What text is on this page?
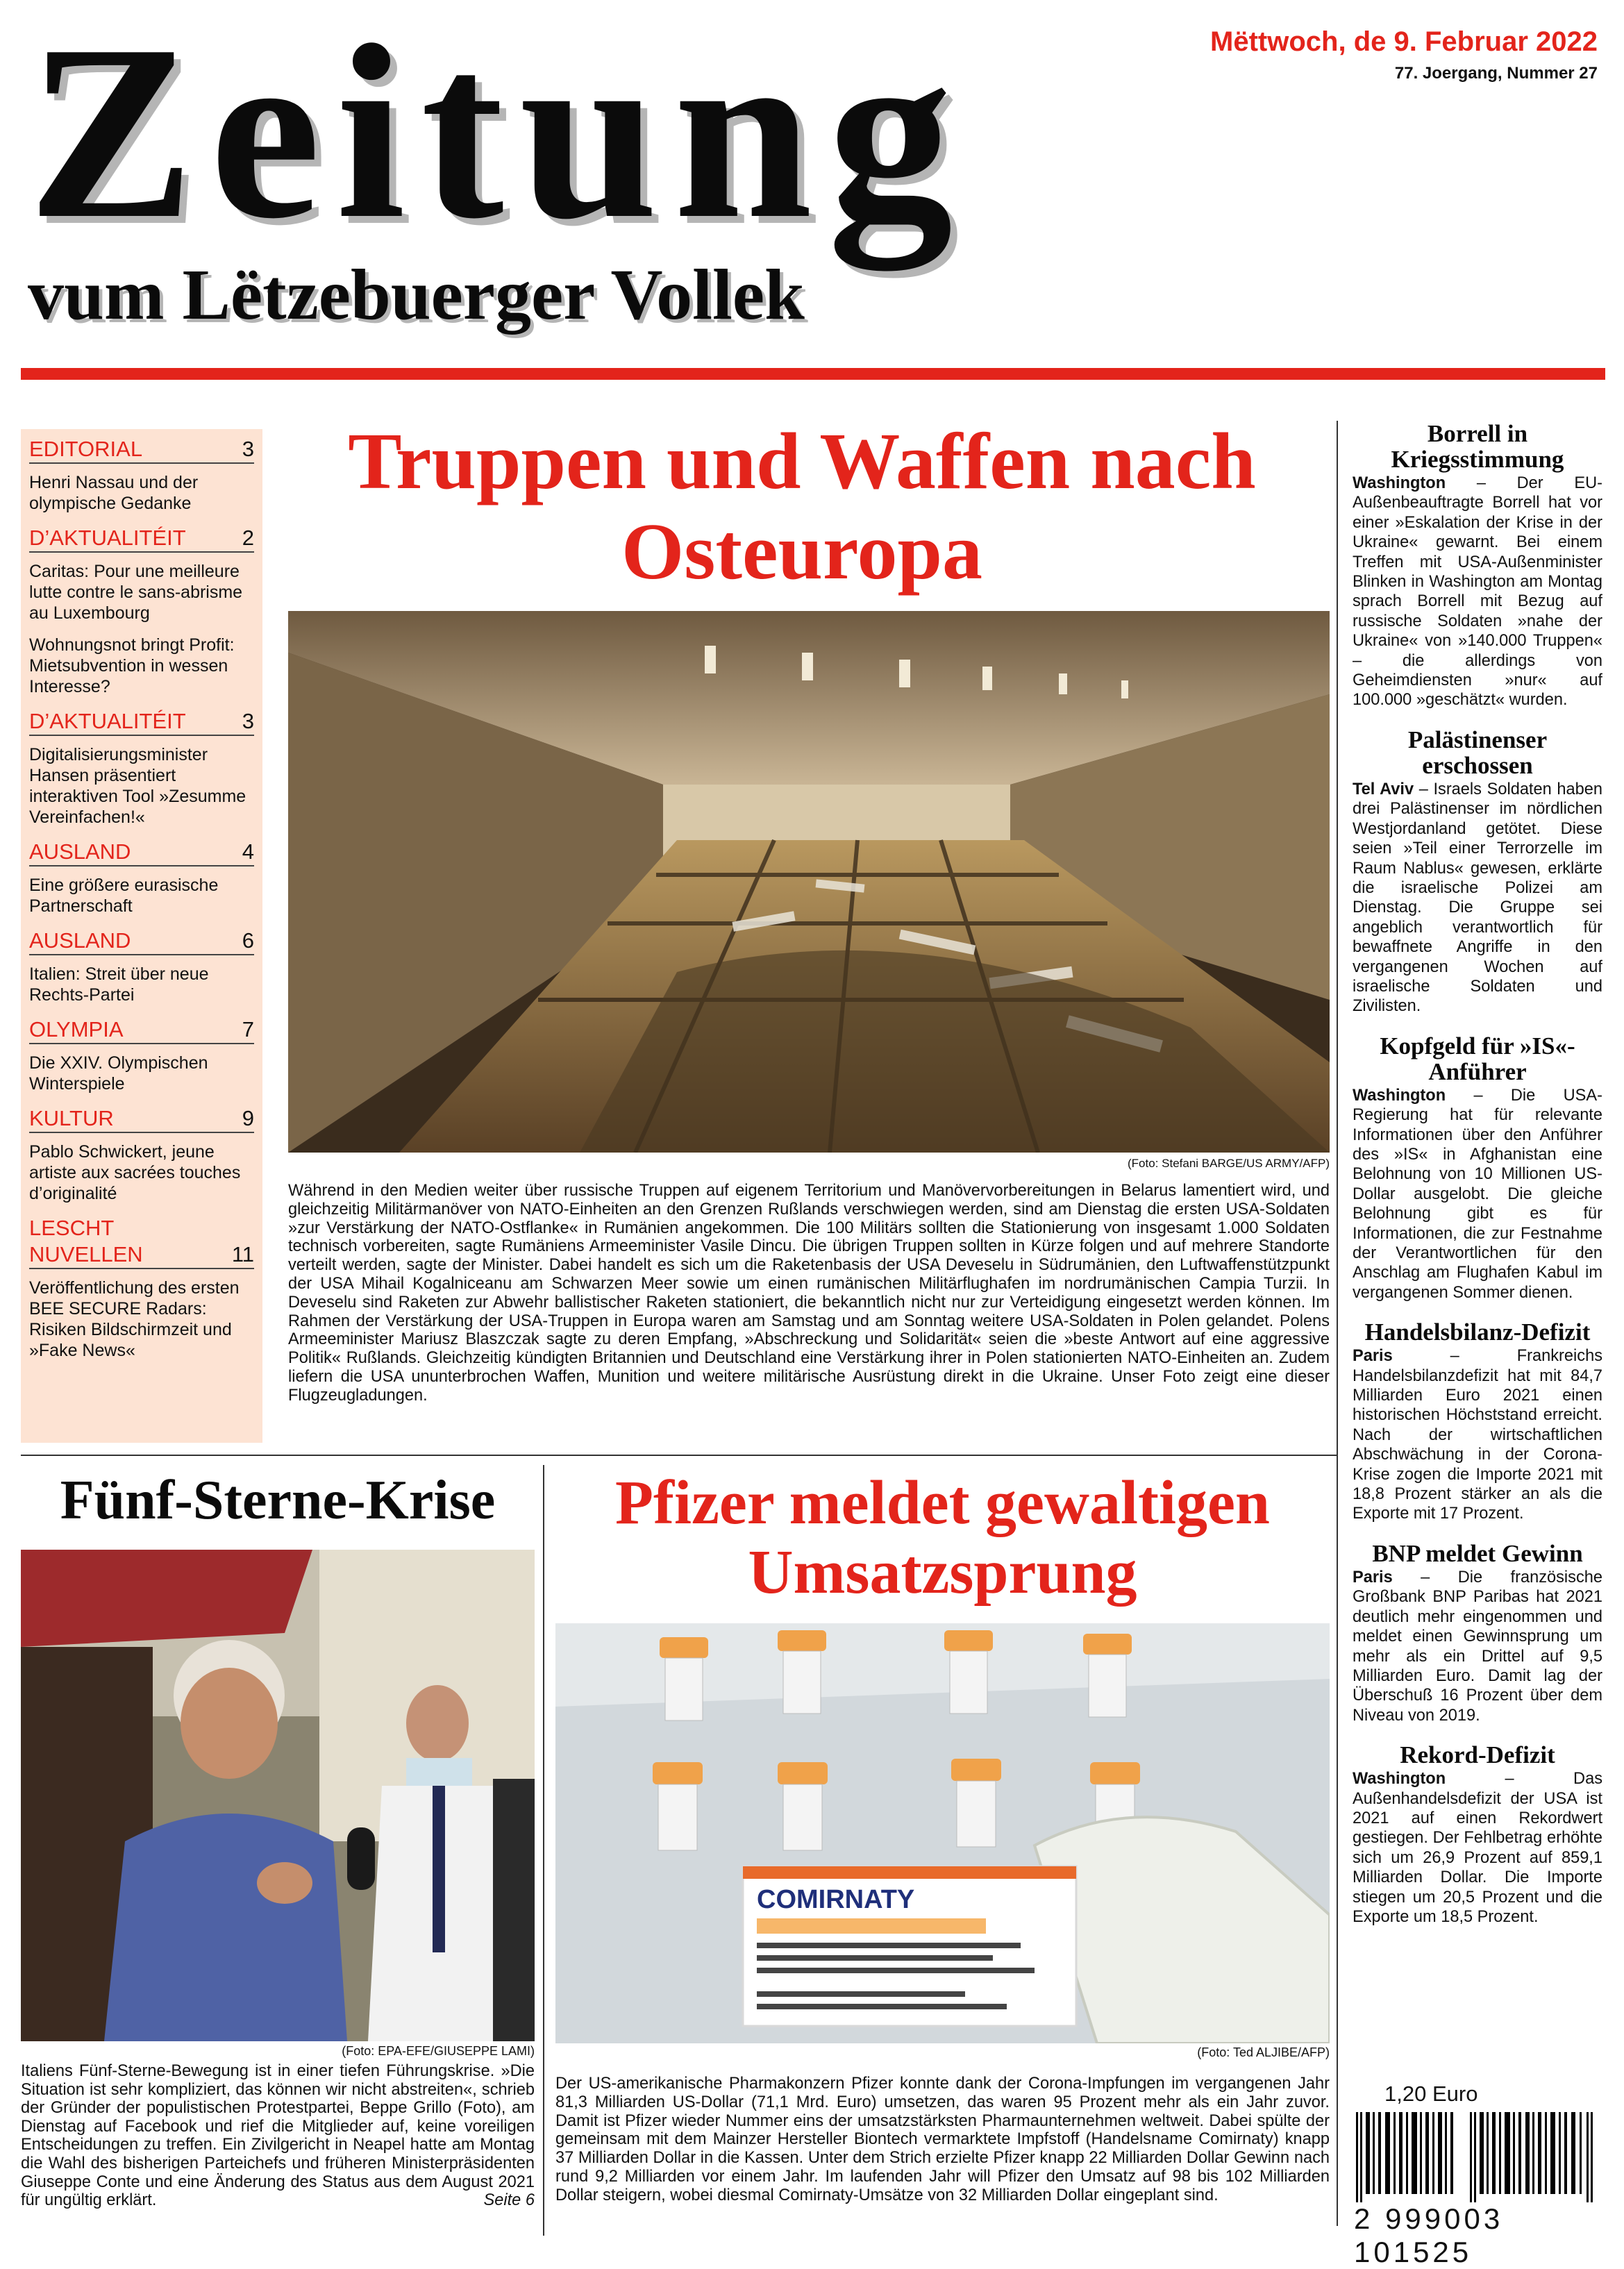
Zeitung
vum Lëtzebuerger Vollek
Mëttwoch, de 9. Februar 2022
77. Joergang, Nummer 27
EDITORIAL	3
Henri Nassau und der olympische Gedanke
D’AKTUALITÉIT	2
Caritas: Pour une meilleure lutte contre le sans-abrisme au Luxembourg
Wohnungsnot bringt Profit: Mietsubvention in wessen Interesse?
D’AKTUALITÉIT	3
Digitalisierungsminister Hansen präsentiert interaktiven Tool »Zesumme Vereinfachen!«
AUSLAND	4
Eine größere eurasische Partnerschaft
AUSLAND	6
Italien: Streit über neue Rechts-Partei
OLYMPIA	7
Die XXIV. Olympischen Winterspiele
KULTUR	9
Pablo Schwickert, jeune artiste aux sacrées touches d’originalité
LESCHT NUVELLEN	11
Veröffentlichung des ersten BEE SECURE Radars: Risiken Bildschirmzeit und »Fake News«
Truppen und Waffen nach Osteuropa
(Foto: Stefani BARGE/US ARMY/AFP)
Während in den Medien weiter über russische Truppen auf eigenem Territorium und Manövervorbereitungen in Belarus lamentiert wird, und gleichzeitig Militärmanöver von NATO-Einheiten an den Grenzen Rußlands verschwiegen werden, sind am Dienstag die ersten USA-Soldaten »zur Verstärkung der NATO-Ostflanke« in Rumänien angekommen. Die 100 Militärs sollten die Stationierung von insgesamt 1.000 Soldaten technisch vorbereiten, sagte Rumäniens Armeeminister Vasile Dincu. Die übrigen Truppen sollten in Kürze folgen und auf mehrere Standorte verteilt werden, sagte der Minister. Dabei handelt es sich um die Raketenbasis der USA Deveselu in Südrumänien, den Luftwaffenstützpunkt der USA Mihail Kogalniceanu am Schwarzen Meer sowie um einen rumänischen Militärflughafen im nordrumänischen Campia Turzii. In Deveselu sind Raketen zur Abwehr ballistischer Raketen stationiert, die bekanntlich nicht nur zur Verteidigung eingesetzt werden können. Im Rahmen der Verstärkung der USA-Truppen in Europa waren am Samstag und am Sonntag weitere USA-Soldaten in Polen gelandet. Polens Armeeminister Mariusz Blaszczak sagte zu deren Empfang, »Abschreckung und Solidarität« seien die »beste Antwort auf eine aggressive Politik« Rußlands. Gleichzeitig kündigten Britannien und Deutschland eine Verstärkung ihrer in Polen stationierten NATO-Einheiten an. Zudem liefern die USA ununterbrochen Waffen, Munition und weitere militärische Ausrüstung direkt in die Ukraine. Unser Foto zeigt eine dieser Flugzeugladungen.
Fünf-Sterne-Krise
(Foto: EPA-EFE/GIUSEPPE LAMI)
Italiens Fünf-Sterne-Bewegung ist in einer tiefen Führungskrise. »Die Situation ist sehr kompliziert, das können wir nicht abstreiten«, schrieb der Gründer der populistischen Protestpartei, Beppe Grillo (Foto), am Dienstag auf Facebook und rief die Mitglieder auf, keine voreiligen Entscheidungen zu treffen. Ein Zivilgericht in Neapel hatte am Montag die Wahl des bisherigen Parteichefs und früheren Ministerpräsidenten Giuseppe Conte und eine Änderung des Status aus dem August 2021 für ungültig erklärt.	Seite 6
Pfizer meldet gewaltigen Umsatzsprung
COMIRNATY
(Foto: Ted ALJIBE/AFP)
Der US-amerikanische Pharmakonzern Pfizer konnte dank der Corona-Impfungen im vergangenen Jahr 81,3 Milliarden US-Dollar (71,1 Mrd. Euro) umsetzen, das waren 95 Prozent mehr als ein Jahr zuvor. Damit ist Pfizer wieder Nummer eins der umsatzstärksten Pharmaunternehmen weltweit. Dabei spülte der gemeinsam mit dem Mainzer Hersteller Biontech vermarktete Impfstoff (Handelsname Comirnaty) knapp 37 Milliarden Dollar in die Kassen. Unter dem Strich erzielte Pfizer knapp 22 Milliarden Dollar Gewinn nach rund 9,2 Milliarden vor einem Jahr. Im laufenden Jahr will Pfizer den Umsatz auf 98 bis 102 Milliarden Dollar steigern, wobei diesmal Comirnaty-Umsätze von 32 Milliarden Dollar eingeplant sind.
Borrell in Kriegsstimmung
Washington – Der EU-Außenbeauftragte Borrell hat vor einer »Eskalation der Krise in der Ukraine« gewarnt. Bei einem Treffen mit USA-Außenminister Blinken in Washington am Montag sprach Borrell mit Bezug auf russische Soldaten »nahe der Ukraine« von »140.000 Truppen« – die allerdings von Geheimdiensten »nur« auf 100.000 »geschätzt« wurden.
Palästinenser erschossen
Tel Aviv – Israels Soldaten haben drei Palästinenser im nördlichen Westjordanland getötet. Diese seien »Teil einer Terrorzelle im Raum Nablus« gewesen, erklärte die israelische Polizei am Dienstag. Die Gruppe sei angeblich verantwortlich für bewaffnete Angriffe in den vergangenen Wochen auf israelische Soldaten und Zivilisten.
Kopfgeld für »IS«-Anführer
Washington – Die USA-Regierung hat für relevante Informationen über den Anführer des »IS« in Afghanistan eine Belohnung von 10 Millionen US-Dollar ausgelobt. Die gleiche Belohnung gibt es für Informationen, die zur Festnahme der Verantwortlichen für den Anschlag am Flughafen Kabul im vergangenen Sommer dienen.
Handelsbilanz-Defizit
Paris – Frankreichs Handelsbilanzdefizit hat mit 84,7 Milliarden Euro 2021 einen historischen Höchststand erreicht. Nach der wirtschaftlichen Abschwächung in der Corona-Krise zogen die Importe 2021 mit 18,8 Prozent stärker an als die Exporte mit 17 Prozent.
BNP meldet Gewinn
Paris – Die französische Großbank BNP Paribas hat 2021 deutlich mehr eingenommen und meldet einen Gewinnsprung um mehr als ein Drittel auf 9,5 Milliarden Euro. Damit lag der Überschuß 16 Prozent über dem Niveau von 2019.
Rekord-Defizit
Washington – Das Außenhandelsdefizit der USA ist 2021 auf einen Rekordwert gestiegen. Der Fehlbetrag erhöhte sich um 26,9 Prozent auf 859,1 Milliarden Dollar. Die Importe stiegen um 20,5 Prozent und die Exporte um 18,5 Prozent.
1,20 Euro
2 999003 101525
